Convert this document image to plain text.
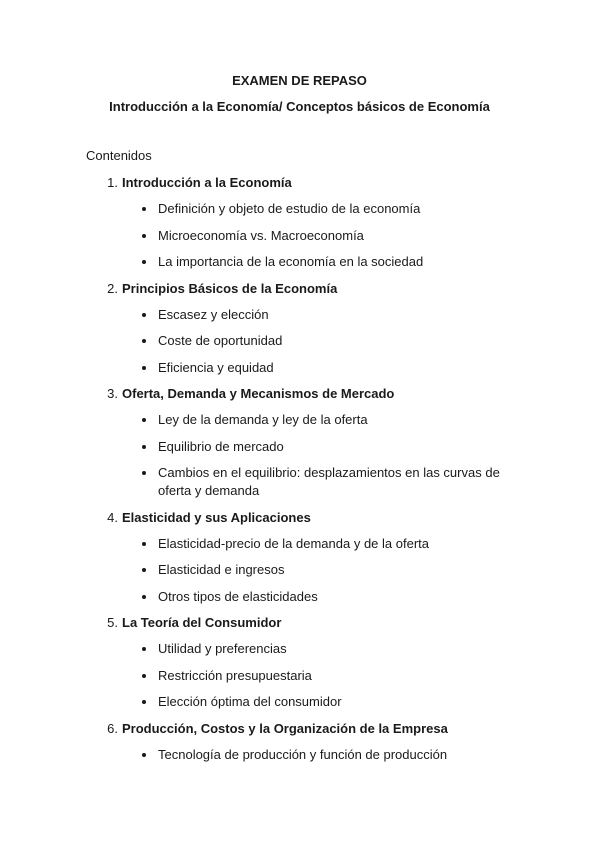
EXAMEN DE REPASO
Introducción a la Economía/ Conceptos básicos de Economía

Contenidos

1. Introducción a la Economía
Definición y objeto de estudio de la economía
Microeconomía vs. Macroeconomía
La importancia de la economía en la sociedad
2. Principios Básicos de la Economía
Escasez y elección
Coste de oportunidad
Eficiencia y equidad
3. Oferta, Demanda y Mecanismos de Mercado
Ley de la demanda y ley de la oferta
Equilibrio de mercado
Cambios en el equilibrio: desplazamientos en las curvas de oferta y demanda
4. Elasticidad y sus Aplicaciones
Elasticidad-precio de la demanda y de la oferta
Elasticidad e ingresos
Otros tipos de elasticidades
5. La Teoría del Consumidor
Utilidad y preferencias
Restricción presupuestaria
Elección óptima del consumidor
6. Producción, Costos y la Organización de la Empresa
Tecnología de producción y función de producción
